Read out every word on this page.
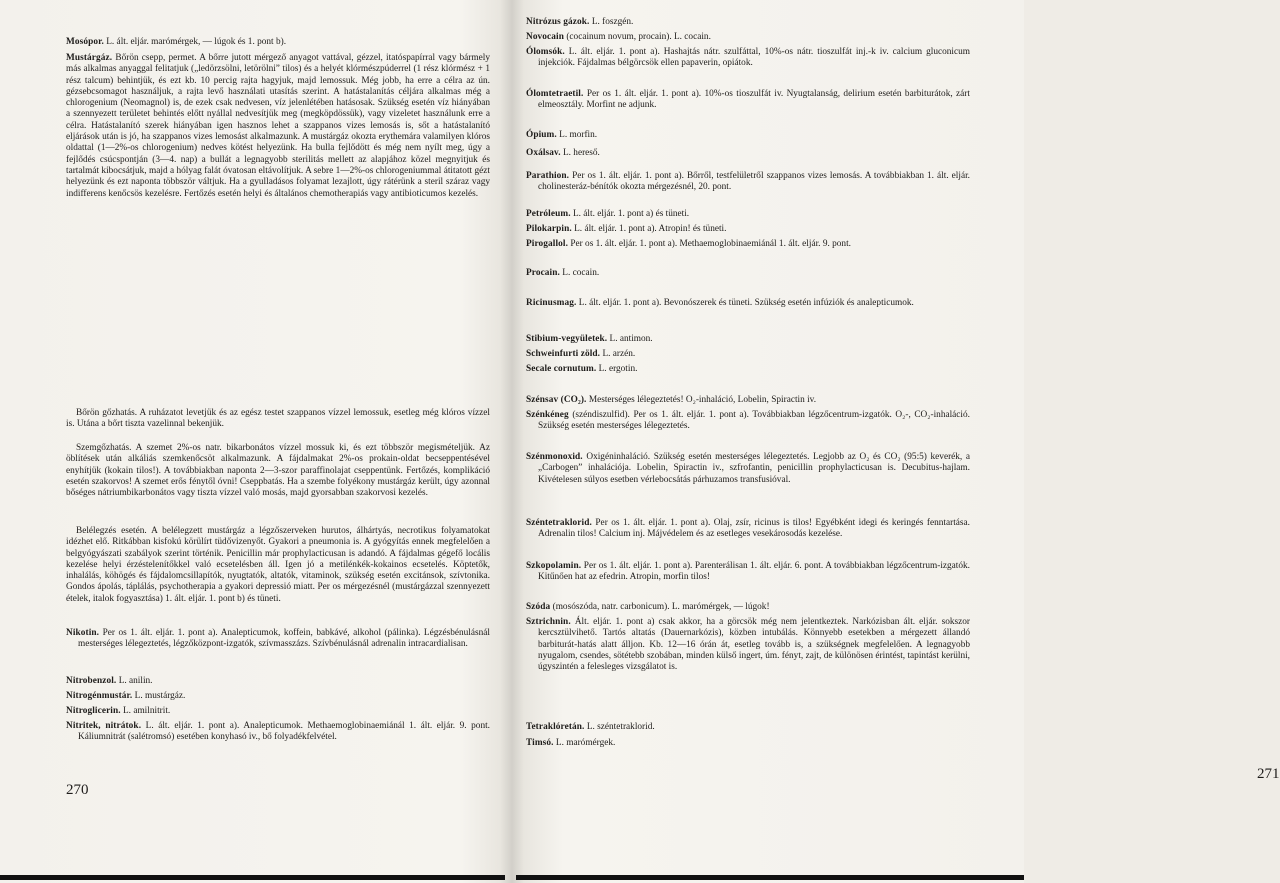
Mosópor. L. ált. eljár. marómérgek, — lúgok és 1. pont b).

Mustárgáz. Bőrön csepp, permet. A bőrre jutott mérgező anyagot vattával, gézzel, itatóspapírral vagy bármely más alkalmas anyaggal felitatjuk („ledörzsölni, letörölni” tilos) és a helyét klórmészpúderrel (1 rész klórmész + 1 rész talcum) behintjük, és ezt kb. 10 percig rajta hagyjuk, majd lemossuk. Még jobb, ha erre a célra az ún. gézsebcsomagot használjuk, a rajta levő használati utasítás szerint. A hatástalanítás céljára alkalmas még a chlorogenium (Neomagnol) is, de ezek csak nedvesen, víz jelenlétében hatásosak. Szükség esetén víz hiányában a szennyezett területet behintés előtt nyállal nedvesítjük meg (megköpdössük), vagy vizeletet használunk erre a célra. Hatástalanító szerek hiányában igen hasznos lehet a szappanos vizes lemosás is, sőt a hatástalanító eljárások után is jó, ha szappanos vizes lemosást alkalmazunk. A mustárgáz okozta erythemára valamilyen klóros oldattal (1—2%-os chlorogenium) nedves kötést helyezünk. Ha bulla fejlődött és még nem nyílt meg, úgy a fejlődés csúcspontján (3—4. nap) a bullát a legnagyobb sterilitás mellett az alapjához közel megnyitjuk és tartalmát kibocsátjuk, majd a hólyag falát óvatosan eltávolítjuk. A sebre 1—2%-os chlorogeniummal átitatott gézt helyezünk és ezt naponta többször váltjuk. Ha a gyulladásos folyamat lezajlott, úgy rátérünk a steril száraz vagy indifferens kenőcsös kezelésre. Fertőzés esetén helyi és általános chemotherapiás vagy antibioticumos kezelés.

Bőrön gőzhatás. A ruházatot levetjük és az egész testet szappanos vízzel lemossuk, esetleg még klóros vízzel is. Utána a bőrt tiszta vazelinnal bekenjük.

Szemgőzhatás. A szemet 2%-os natr. bikarbonátos vízzel mossuk ki, és ezt többször megismételjük. Az öblítések után alkáliás szemkenőcsöt alkalmazunk. A fájdalmakat 2%-os prokain-oldat becseppentésével enyhítjük (kokain tilos!). A továbbiakban naponta 2—3-szor paraffinolajat cseppentünk. Fertőzés, komplikáció esetén szakorvos! A szemet erős fénytől óvni! Cseppbatás. Ha a szembe folyékony mustárgáz került, úgy azonnal bőséges nátriumbikarbonátos vagy tiszta vízzel való mosás, majd gyorsabban szakorvosi kezelés.

Belélegzés esetén. A belélegzett mustárgáz a légzőszerveken hurutos, álhártyás, necrotikus folyamatokat idézhet elő. Ritkábban kisfokú körülírt tüdővizenyőt. Gyakori a pneumonia is. A gyógyítás ennek megfelelően a belgyógyászati szabályok szerint történik. Penicillin már prophylacticusan is adandó. A fájdalmas gégefő locális kezelése helyi érzéstelenítőkkel való ecsetelésben áll. Igen jó a metilénkék-kokainos ecsetelés. Köptetők, inhalálás, köhögés és fájdalomcsillapítók, nyugtatók, altatók, vitaminok, szükség esetén excitánsok, szívtonika. Gondos ápolás, táplálás, psychotherapia a gyakori depressió miatt. Per os mérgezésnél (mustárgázzal szennyezett ételek, italok fogyasztása) 1. ált. eljár. 1. pont b) és tüneti.

Nikotin. Per os 1. ált. eljár. 1. pont a). Analepticumok, koffein, babkávé, alkohol (pálinka). Légzésbénulásnál mesterséges lélegeztetés, légzőközpont-izgatók, szívmasszázs. Szívbénulásnál adrenalin intracardialisan.

Nitrobenzol. L. anilin.

Nitrogénmustár. L. mustárgáz.

Nitroglicerin. L. amilnitrit.

Nitritek, nitrátok. L. ált. eljár. 1. pont a). Analepticumok. Methaemoglobinaemiánál 1. ált. eljár. 9. pont. Káliumnitrát (salétromsó) esetében konyhasó iv., bő folyadékfelvétel.

270

Nitrózus gázok. L. foszgén.

Novocain (cocainum novum, procain). L. cocain.

Ólomsók. L. ált. eljár. 1. pont a). Hashajtás nátr. szulfáttal, 10%-os nátr. tioszulfát inj.-k iv. calcium gluconicum injekciók. Fájdalmas bélgörcsök ellen papaverin, opiátok.

Ólomtetraetil. Per os 1. ált. eljár. 1. pont a). 10%-os tioszulfát iv. Nyugtalanság, delirium esetén barbiturátok, zárt elmeosztály. Morfint ne adjunk.

Ópium. L. morfin.

Oxálsav. L. hereső.

Parathion. Per os 1. ált. eljár. 1. pont a). Bőrről, testfelületről szappanos vizes lemosás. A továbbiakban 1. ált. eljár. cholinesteráz-bénítók okozta mérgezésnél, 20. pont.

Petróleum. L. ált. eljár. 1. pont a) és tüneti.

Pilokarpin. L. ált. eljár. 1. pont a). Atropin! és tüneti.

Pirogallol. Per os 1. ált. eljár. 1. pont a). Methaemoglobinaemiánál 1. ált. eljár. 9. pont.

Procain. L. cocain.

Ricinusmag. L. ált. eljár. 1. pont a). Bevonószerek és tüneti. Szükség esetén infúziók és analepticumok.

Stibium-vegyületek. L. antimon.

Schweinfurti zöld. L. arzén.

Secale cornutum. L. ergotin.

Szénsav (CO₂). Mesterséges lélegeztetés! O₂-inhaláció, Lobelin, Spiractin iv.

Szénkéneg (széndiszulfid). Per os 1. ált. eljár. 1. pont a). Továbbiakban légzőcentrum-izgatók. O₂-, CO₂-inhaláció. Szükség esetén mesterséges lélegeztetés.

Szénmonoxid. Oxigéninhaláció. Szükség esetén mesterséges lélegeztetés. Legjobb az O₂ és CO₂ (95:5) keverék, a „Carbogen” inhalációja. Lobelin, Spiractin iv., szfrofantin, penicillin prophylacticusan is. Decubitus-hajlam. Kivételesen súlyos esetben vérlebocsátás párhuzamos transfusióval.

Széntetraklorid. Per os 1. ált. eljár. 1. pont a). Olaj, zsír, ricinus is tilos! Egyébként idegi és keringés fenntartása. Adrenalin tilos! Calcium inj. Májvédelem és az esetleges vesekárosodás kezelése.

Szkopolamin. Per os 1. ált. eljár. 1. pont a). Parenterálisan 1. ált. eljár. 6. pont. A továbbiakban légzőcentrum-izgatók. Kitűnően hat az efedrin. Atropin, morfin tilos!

Szóda (mosószóda, natr. carbonicum). L. marómérgek, — lúgok!

Sztrichnin. Ált. eljár. 1. pont a) csak akkor, ha a görcsök még nem jelentkeztek. Narkózisban ált. eljár. sokszor kercsztülvihető. Tartós altatás (Dauernarkózis), közben intubálás. Könnyebb esetekben a mérgezett állandó barbiturát-hatás alatt álljon. Kb. 12—16 órán át, esetleg tovább is, a szükségnek megfelelően. A legnagyobb nyugalom, csendes, sötétebb szobában, minden külső ingert, úm. fényt, zajt, de különösen érintést, tapintást kerülni, úgyszintén a felesleges vizsgálatot is.

Tetraklóretán. L. széntetraklorid.

Timsó. L. marómérgek.

271
